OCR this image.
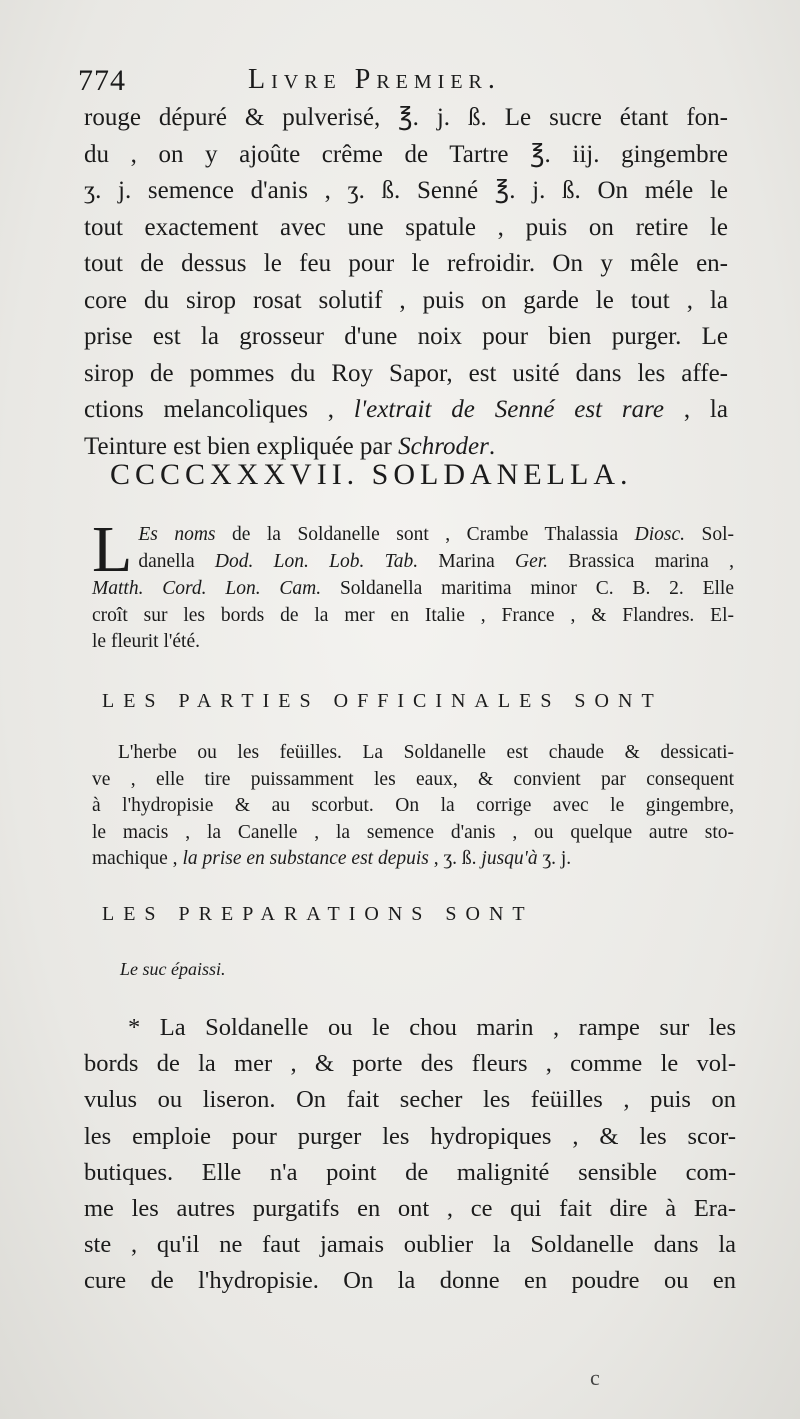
774	Livre Premier.
rouge dépuré & pulverisé, ℥. j. ß. Le sucre étant fon-
du , on y ajoûte crême de Tartre ℥. iij. gingembre
ʒ. j. semence d'anis , ʒ. ß. Senné ℥. j. ß. On méle le
tout exactement avec une spatule , puis on retire le
tout de dessus le feu pour le refroidir. On y mêle en-
core du sirop rosat solutif , puis on garde le tout , la
prise est la grosseur d'une noix pour bien purger. Le
sirop de pommes du Roy Sapor, est usité dans les affe-
ctions melancoliques , l'extrait de Senné est rare , la
Teinture est bien expliquée par Schroder.
CCCCXXXVII. SOLDANELLA.
L Es noms de la Soldanelle sont , Crambe Thalassia Diosc. Sol-
danella Dod. Lon. Lob. Tab. Marina Ger. Brassica marina ,
Matth. Cord. Lon. Cam. Soldanella maritima minor C. B. 2. Elle
croît sur les bords de la mer en Italie , France , & Flandres. El-
le fleurit l'été.
LES PARTIES OFFICINALES SONT
L'herbe ou les feüilles. La Soldanelle est chaude & dessicati-
ve , elle tire puissamment les eaux, & convient par consequent
à l'hydropisie & au scorbut. On la corrige avec le gingembre,
le macis , la Canelle , la semence d'anis , ou quelque autre sto-
machique , la prise en substance est depuis , ʒ. ß. jusqu'à ʒ. j.
LES PREPARATIONS SONT
Le suc épaissi.
* La Soldanelle ou le chou marin , rampe sur les
bords de la mer , & porte des fleurs , comme le vol-
vulus ou liseron. On fait secher les feüilles , puis on
les emploie pour purger les hydropiques , & les scor-
butiques. Elle n'a point de malignité sensible com-
me les autres purgatifs en ont , ce qui fait dire à Era-
ste , qu'il ne faut jamais oublier la Soldanelle dans la
cure de l'hydropisie. On la donne en poudre ou en
c
